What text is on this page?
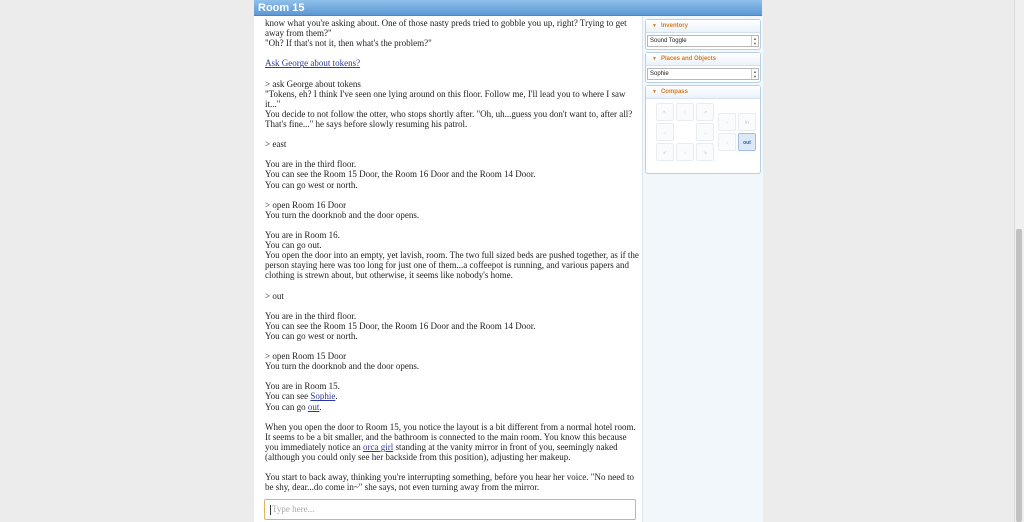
Room 15

know what you're asking about. One of those nasty preds tried to gobble you up, right? Trying to get away from them?"
"Oh? If that's not it, then what's the problem?"

Ask George about tokens?

> ask George about tokens
"Tokens, eh? I think I've seen one lying around on this floor. Follow me, I'll lead you to where I saw it..."
You decide to not follow the otter, who stops shortly after. "Oh, uh...guess you don't want to, after all? That's fine..." he says before slowly resuming his patrol.

> east

You are in the third floor.
You can see the Room 15 Door, the Room 16 Door and the Room 14 Door.
You can go west or north.

> open Room 16 Door
You turn the doorknob and the door opens.

You are in Room 16.
You can go out.
You open the door into an empty, yet lavish, room. The two full sized beds are pushed together, as if the person staying here was too long for just one of them...a coffeepot is running, and various papers and clothing is strewn about, but otherwise, it seems like nobody's home.

> out

You are in the third floor.
You can see the Room 15 Door, the Room 16 Door and the Room 14 Door.
You can go west or north.

> open Room 15 Door
You turn the doorknob and the door opens.

You are in Room 15.
You can see Sophie.
You can go out.

When you open the door to Room 15, you notice the layout is a bit different from a normal hotel room. It seems to be a bit smaller, and the bathroom is connected to the main room. You know this because you immediately notice an orca girl standing at the vanity mirror in front of you, seemingly naked (although you could only see her backside from this position), adjusting her makeup.

You start to back away, thinking you're interrupting something, before you hear her voice. "No need to be shy, dear...do come in~" she says, not even turning away from the mirror.

Type here...
▼ Inventory
Sound Toggle	▲
▼
▼ Places and Objects
Sophie	▲
▼
▼ Compass
↖	↑	↗
←	→
↙	↓	↘
↑	in
↓	out
